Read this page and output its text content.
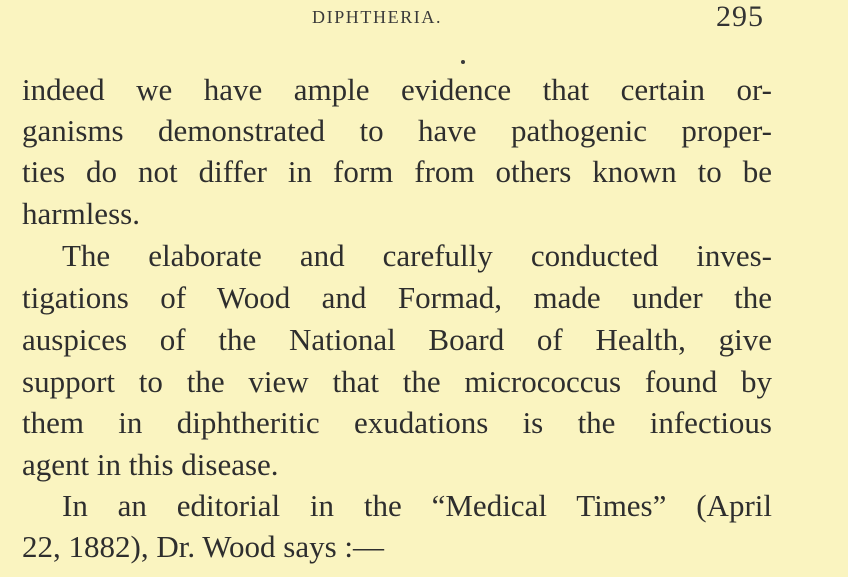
DIPHTHERIA.	295
indeed we have ample evidence that certain or-
ganisms demonstrated to have pathogenic proper-
ties do not differ in form from others known to be
harmless.
The elaborate and carefully conducted inves-
tigations of Wood and Formad, made under the
auspices of the National Board of Health, give
support to the view that the micrococcus found by
them in diphtheritic exudations is the infectious
agent in this disease.
In an editorial in the “Medical Times” (April
22, 1882), Dr. Wood says :—
